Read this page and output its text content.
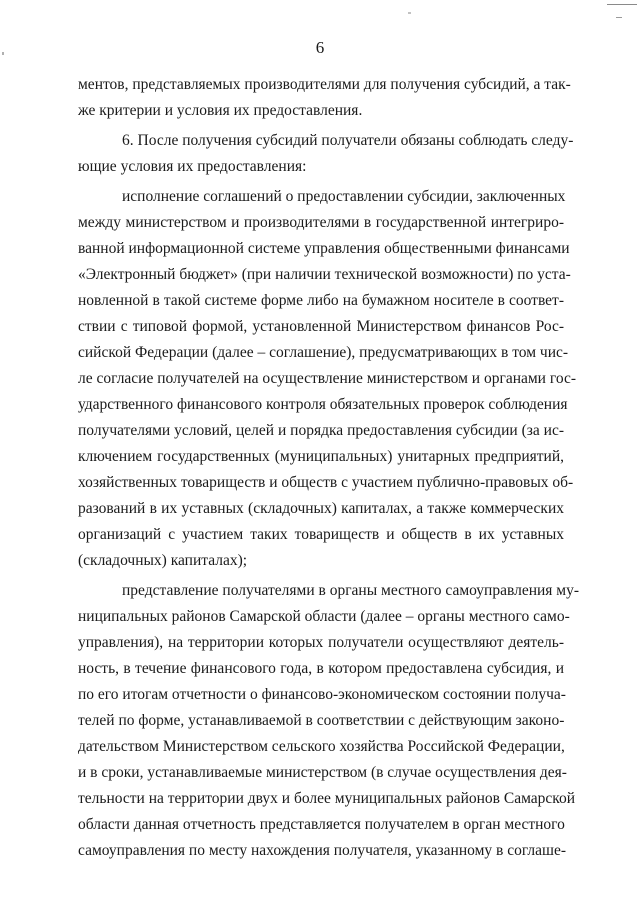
6
ментов, представляемых производителями для получения субсидий, а так-
же критерии и условия их предоставления.
6. После получения субсидий получатели обязаны соблюдать следу-
ющие условия их предоставления:
исполнение соглашений о предоставлении субсидии, заключенных
между министерством и производителями в государственной интегриро-
ванной информационной системе управления общественными финансами
«Электронный бюджет» (при наличии технической возможности) по уста-
новленной в такой системе форме либо на бумажном носителе в соответ-
ствии с типовой формой, установленной Министерством финансов Рос-
сийской Федерации (далее – соглашение), предусматривающих в том чис-
ле согласие получателей на осуществление министерством и органами гос-
ударственного финансового контроля обязательных проверок соблюдения
получателями условий, целей и порядка предоставления субсидии (за ис-
ключением государственных (муниципальных) унитарных предприятий,
хозяйственных товариществ и обществ с участием публично-правовых об-
разований в их уставных (складочных) капиталах, а также коммерческих
организаций с участием таких товариществ и обществ в их уставных
(складочных) капиталах);
представление получателями в органы местного самоуправления му-
ниципальных районов Самарской области (далее – органы местного само-
управления), на территории которых получатели осуществляют деятель-
ность, в течение финансового года, в котором предоставлена субсидия, и
по его итогам отчетности о финансово-экономическом состоянии получа-
телей по форме, устанавливаемой в соответствии с действующим законо-
дательством Министерством сельского хозяйства Российской Федерации,
и в сроки, устанавливаемые министерством (в случае осуществления дея-
тельности на территории двух и более муниципальных районов Самарской
области данная отчетность представляется получателем в орган местного
самоуправления по месту нахождения получателя, указанному в соглаше-
